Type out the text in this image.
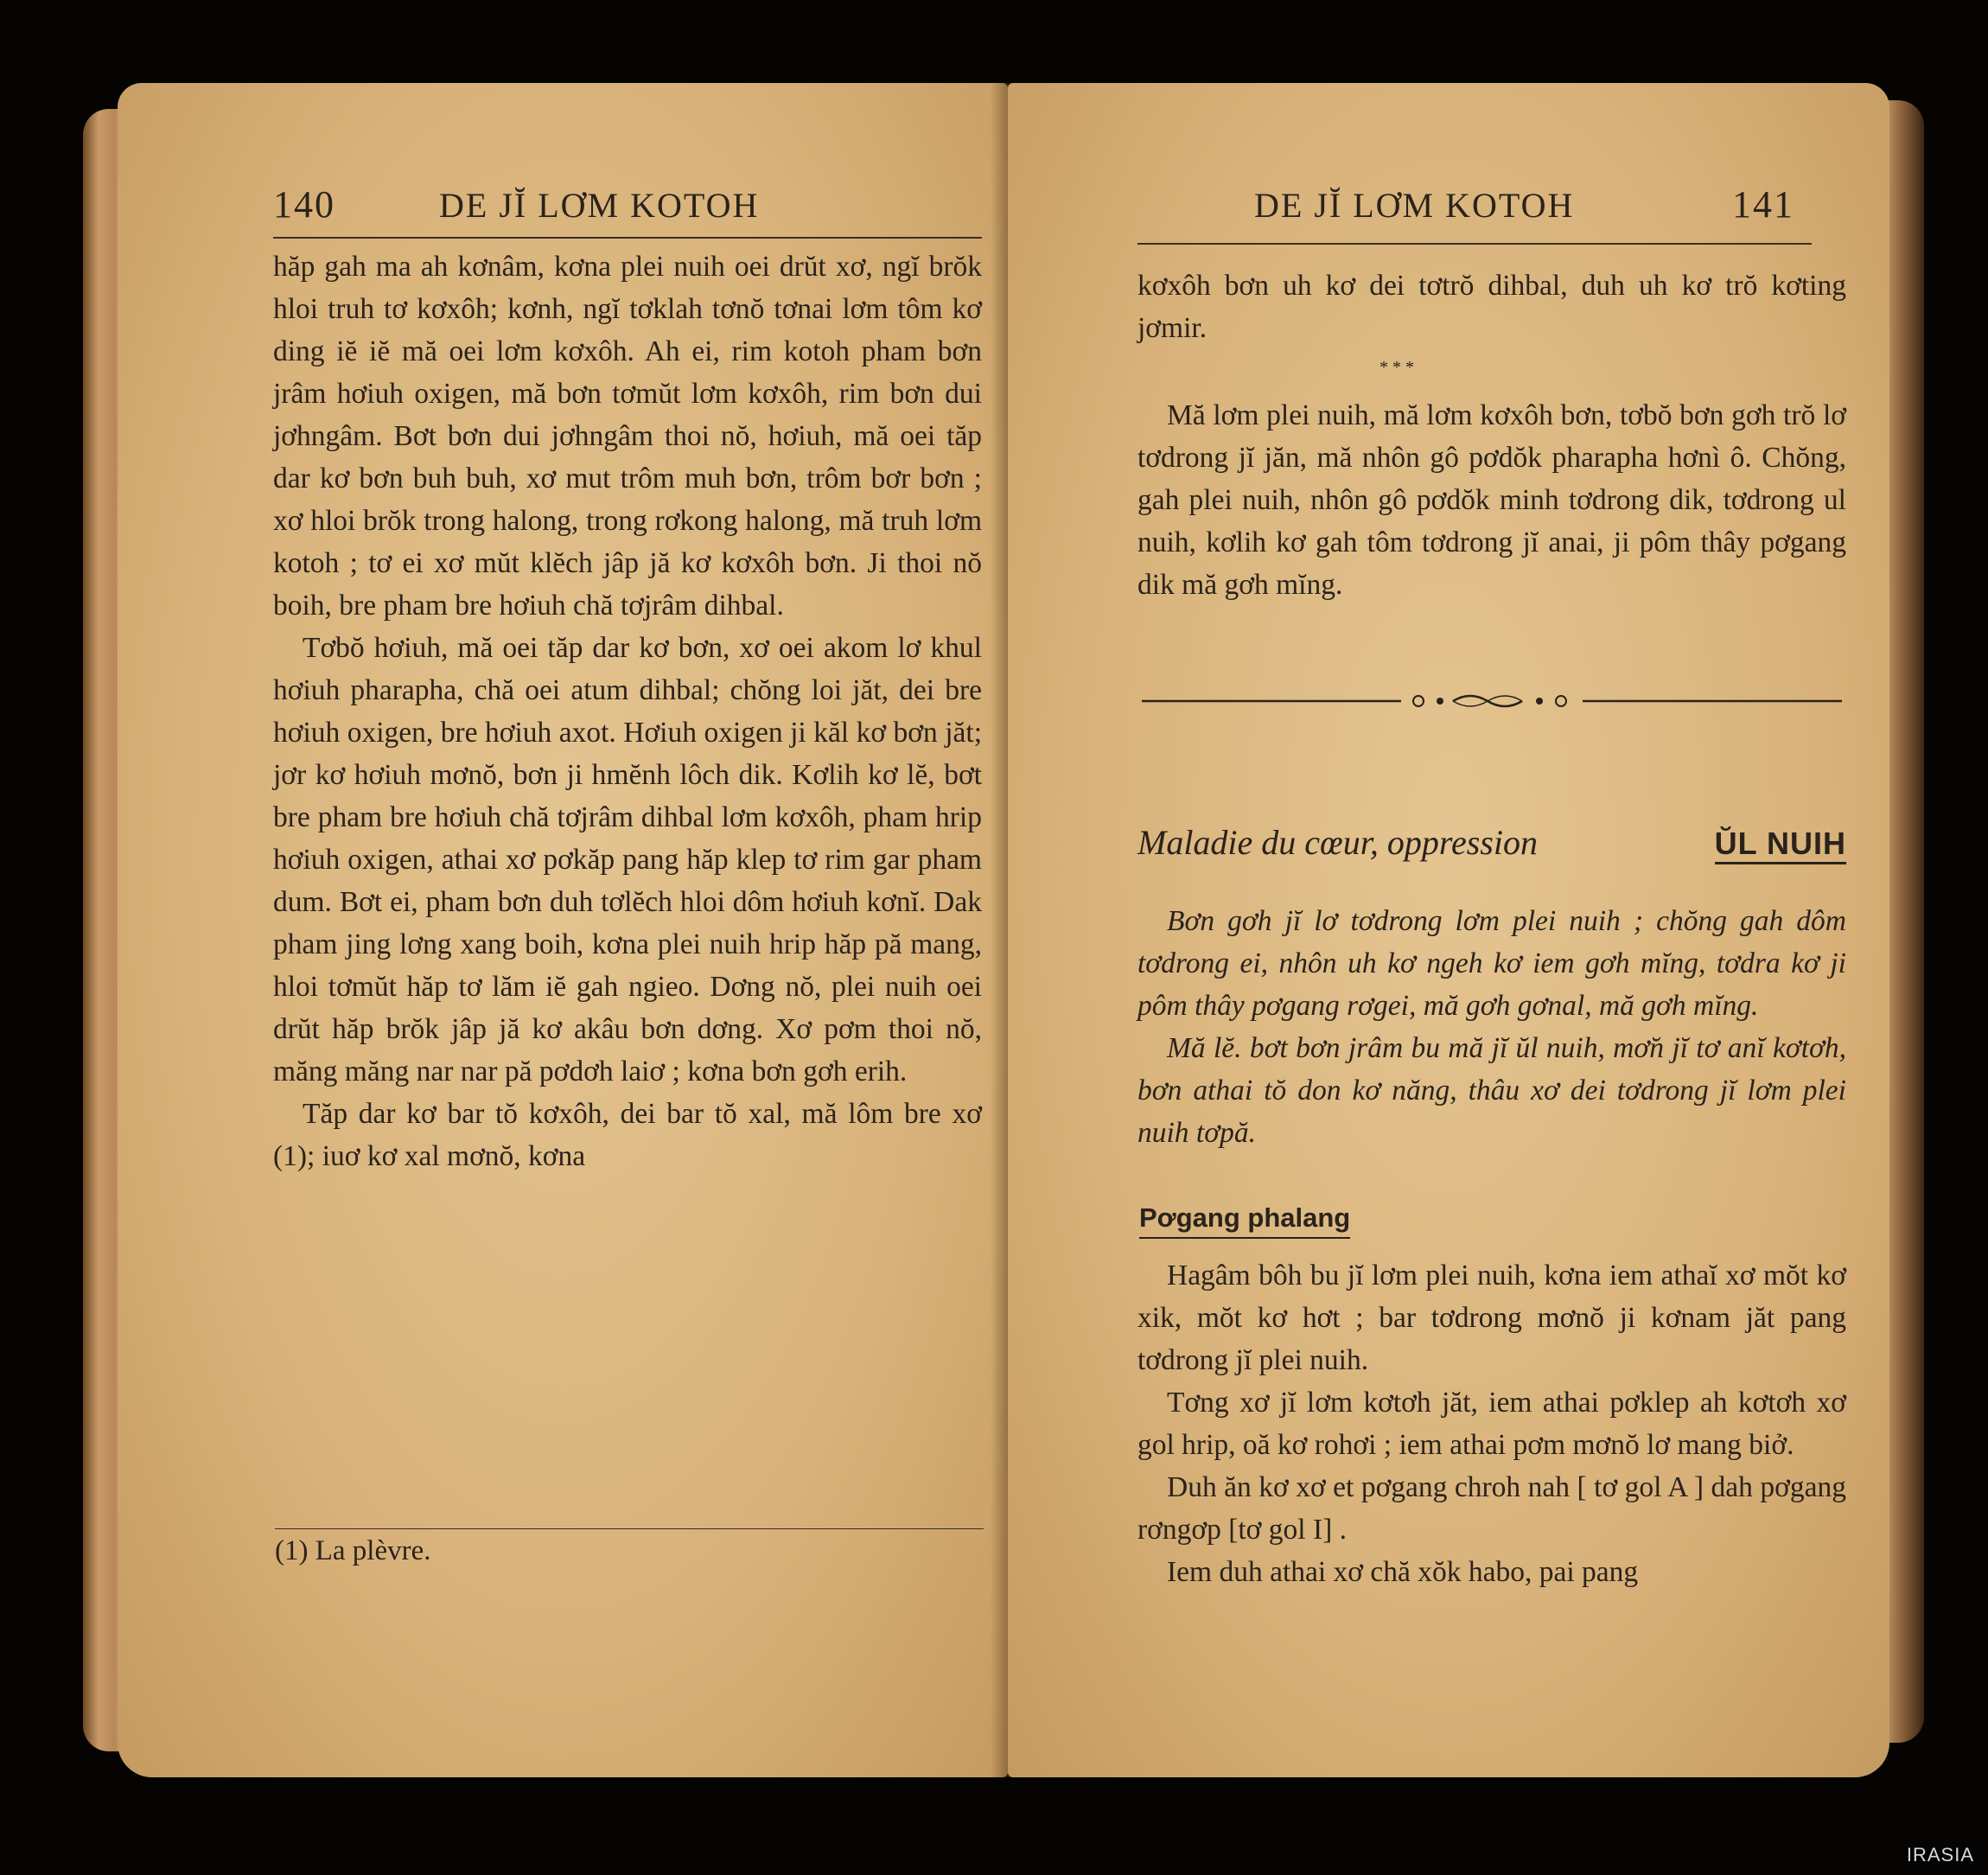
140	DE JĬ LƠM KOTOH

hăp gah ma ah kơnâm, kơna plei nuih oei drŭt xơ, ngĭ brŏk hloi truh tơ kơxôh; kơnh, ngĭ tơklah tơnŏ tơnai lơm tôm kơ ding iĕ iĕ mă oei lơm kơxôh. Ah ei, rim kotoh pham bơn jrâm hơiuh oxigen, mă bơn tơmŭt lơm kơxôh, rim bơn dui jơhngâm. Bơt bơn dui jơhngâm thoi nŏ, hơiuh, mă oei tăp dar kơ bơn buh buh, xơ mut trôm muh bơn, trôm bơr bơn ; xơ hloi brŏk trong halong, trong rơkong halong, mă truh lơm kotoh ; tơ ei xơ mŭt klĕch jâp jă kơ kơxôh bơn. Ji thoi nŏ boih, bre pham bre hơiuh chă tơjrâm dihbal.

Tơbŏ hơiuh, mă oei tăp dar kơ bơn, xơ oei akom lơ khul hơiuh pharapha, chă oei atum dihbal; chŏng loi jăt, dei bre hơiuh oxigen, bre hơiuh axot. Hơiuh oxigen ji kăl kơ bơn jăt; jơr kơ hơiuh mơnŏ, bơn ji hmĕnh lôch dik. Kơlih kơ lĕ, bơt bre pham bre hơiuh chă tơjrâm dihbal lơm kơxôh, pham hrip hơiuh oxigen, athai xơ pơkăp pang hăp klep tơ rim gar pham dum. Bơt ei, pham bơn duh tơlĕch hloi dôm hơiuh kơnĭ. Dak pham jing lơng xang boih, kơna plei nuih hrip hăp pă mang, hloi tơmŭt hăp tơ lăm iĕ gah ngieo. Dơng nŏ, plei nuih oei drŭt hăp brŏk jâp jă kơ akâu bơn dơng. Xơ pơm thoi nŏ, măng măng nar nar pă pơdơh laiơ ; kơna bơn gơh erih.

Tăp dar kơ bar tŏ kơxôh, dei bar tŏ xal, mă lôm bre xơ (1); iuơ kơ xal mơnŏ, kơna

(1) La plèvre.
DE JĬ LƠM KOTOH	141

kơxôh bơn uh kơ dei tơtrŏ dihbal, duh uh kơ trŏ kơting jơmir.

* * *

Mă lơm plei nuih, mă lơm kơxôh bơn, tơbŏ bơn gơh trŏ lơ tơdrong jĭ jăn, mă nhôn gô pơdŏk pharapha hơnì ô. Chŏng, gah plei nuih, nhôn gô pơdŏk minh tơdrong dik, tơdrong ul nuih, kơlih kơ gah tôm tơdrong jĭ anai, ji pôm thây pơgang dik mă gơh mĭng.

Maladie du cœur, oppression	ŬL NUIH

Bơn gơh jĭ lơ tơdrong lơm plei nuih ; chŏng gah dôm tơdrong ei, nhôn uh kơ ngeh kơ iem gơh mĭng, tơdra kơ ji pôm thây pơgang rơgei, mă gơh gơnal, mă gơh mĭng.

Mă lĕ. bơt bơn jrâm bu mă jĭ ŭl nuih, mơ̆n jĭ tơ anĭ kơtơh, bơn athai tŏ don kơ năng, thâu xơ dei tơdrong jĭ lơm plei nuih tơpă.

Pơgang phalang

Hagâm bôh bu jĭ lơm plei nuih, kơna iem athaĭ xơ mŏt kơ xik, mŏt kơ hơt ; bar tơdrong mơnŏ ji kơnam jăt pang tơdrong jĭ plei nuih.

Tơng xơ jĭ lơm kơtơh jăt, iem athai pơklep ah kơtơh xơ gol hrip, oă kơ rohơi ; iem athai pơm mơnŏ lơ mang biở.

Duh ăn kơ xơ et pơgang chroh nah [ tơ gol A ] dah pơgang rơngơp [tơ gol I] .

Iem duh athai xơ chă xŏk habo, pai pang

IRASIA
